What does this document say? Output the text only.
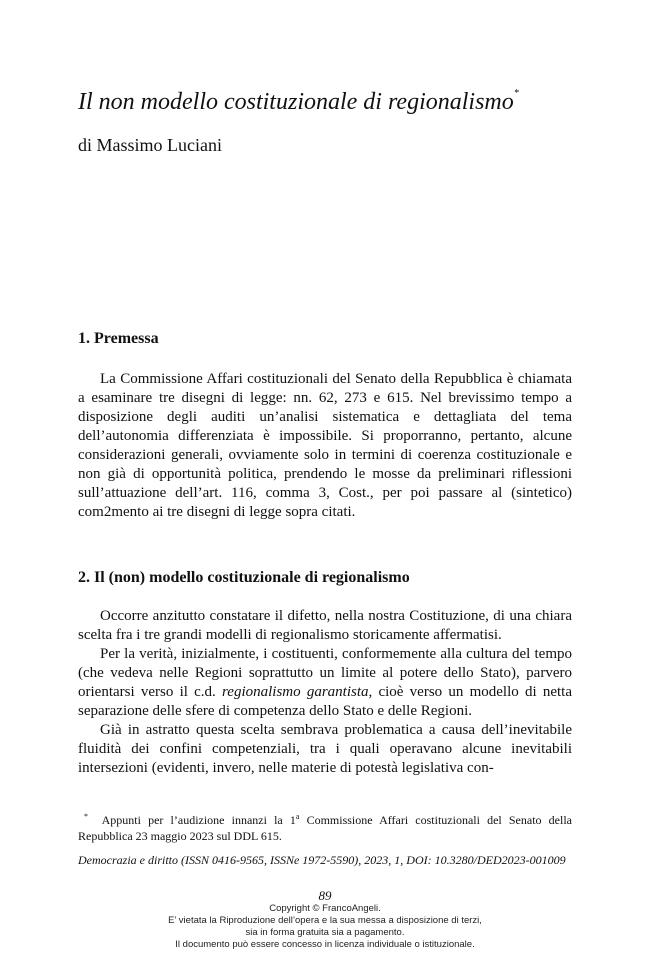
Il non modello costituzionale di regionalismo*
di Massimo Luciani
1. Premessa

La Commissione Affari costituzionali del Senato della Repubblica è chiamata a esaminare tre disegni di legge: nn. 62, 273 e 615. Nel brevissimo tempo a disposizione degli auditi un’analisi sistematica e dettagliata del tema dell’autonomia differenziata è impossibile. Si proporranno, pertanto, alcune considerazioni generali, ovviamente solo in termini di coerenza costituzionale e non già di opportunità politica, prendendo le mosse da preliminari riflessioni sull’attuazione dell’art. 116, comma 3, Cost., per poi passare al (sintetico) com2mento ai tre disegni di legge sopra citati.

2. Il (non) modello costituzionale di regionalismo

Occorre anzitutto constatare il difetto, nella nostra Costituzione, di una chiara scelta fra i tre grandi modelli di regionalismo storicamente affermatisi.

Per la verità, inizialmente, i costituenti, conformemente alla cultura del tempo (che vedeva nelle Regioni soprattutto un limite al potere dello Stato), parvero orientarsi verso il c.d. regionalismo garantista, cioè verso un modello di netta separazione delle sfere di competenza dello Stato e delle Regioni.

Già in astratto questa scelta sembrava problematica a causa dell’inevitabile fluidità dei confini competenziali, tra i quali operavano alcune inevitabili intersezioni (evidenti, invero, nelle materie di potestà legislativa con-

* Appunti per l’audizione innanzi la 1$^a$ Commissione Affari costituzionali del Senato della Repubblica 23 maggio 2023 sul DDL 615.
Democrazia e diritto (ISSN 0416-9565, ISSNe 1972-5590), 2023, 1, DOI: 10.3280/DED2023-001009
89
Copyright © FrancoAngeli.
E’ vietata la Riproduzione dell’opera e la sua messa a disposizione di terzi,
sia in forma gratuita sia a pagamento.
Il documento può essere concesso in licenza individuale o istituzionale.
